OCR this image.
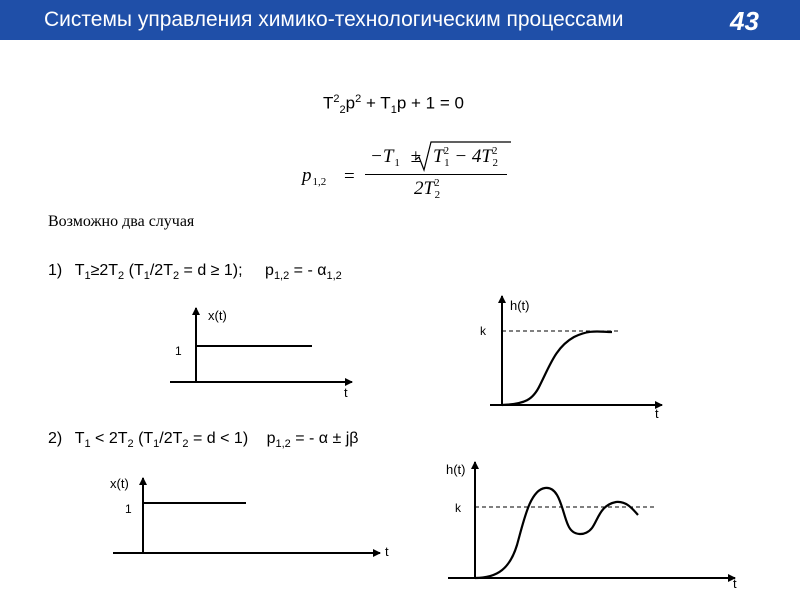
Системы управления химико-технологическим процессами	43
$T^2_2p^2 + T_1p + 1 = 0$
$p_{1,2}$ =
$-T_1 \pm T^2_1 - 4T^2_2$
$2T^2_2$
Возможно два случая
1) $T_1\ge 2T_2$ $(T_1/2T_2 = d \ge 1)$; $p_{1,2}$ = - $\alpha_{1,2}$
2) $T_1 < 2T_2$ $(T_1/2T_2 = d < 1) p_{1,2}$ = - α ± jβ
x(t)
1
t
h(t)
k
t
x(t)
1
t
h(t)
k
t
